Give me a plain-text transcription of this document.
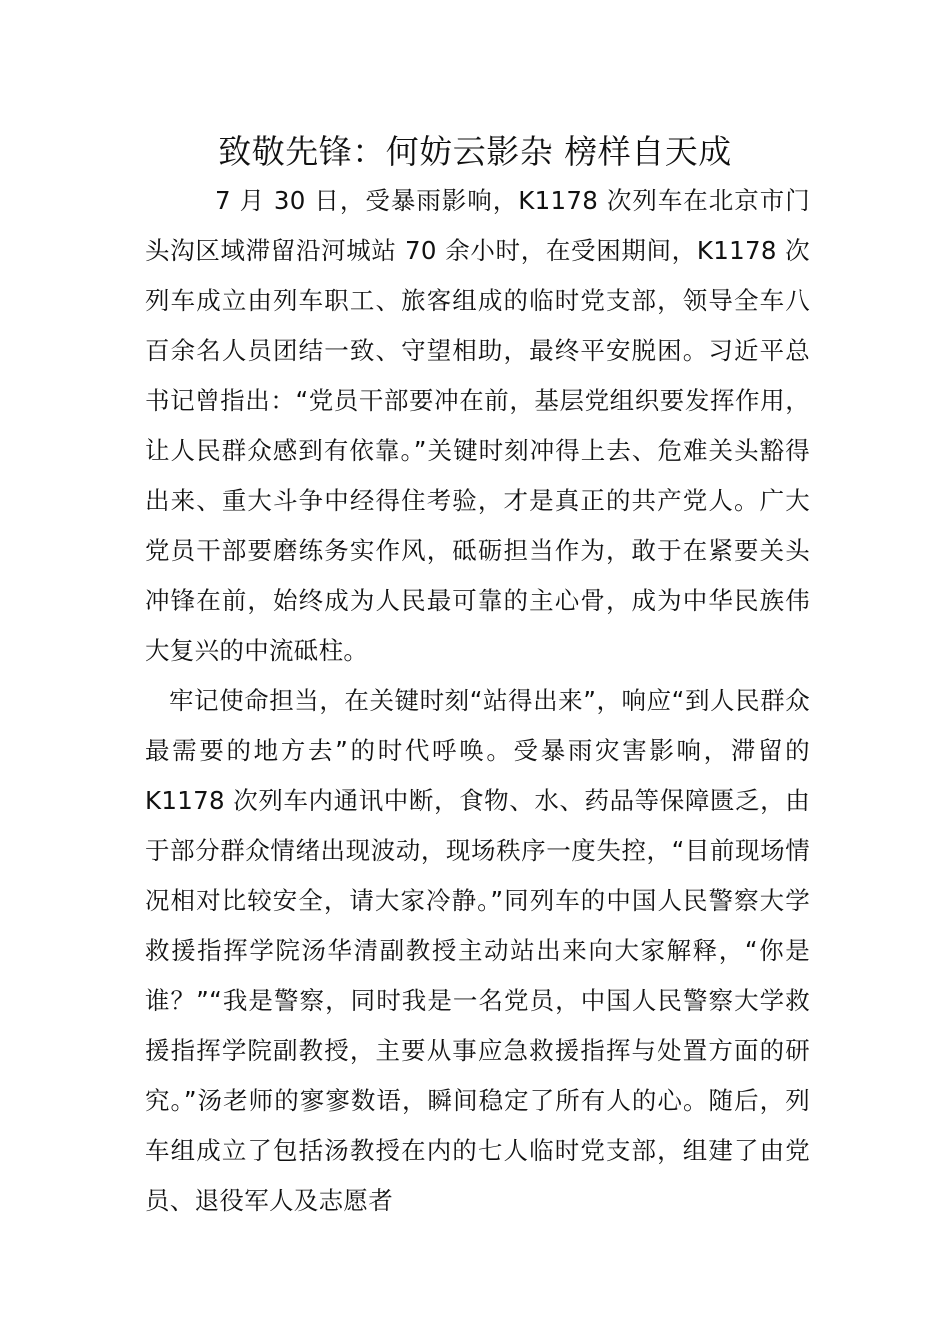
致敬先锋：何妨云影杂 榜样自天成

7 月 30 日，受暴雨影响，K1178 次列车在北京市门头沟区域滞留沿河城站 70 余小时，在受困期间，K1178 次列车成立由列车职工、旅客组成的临时党支部，领导全车八百余名人员团结一致、守望相助，最终平安脱困。习近平总书记曾指出：“党员干部要冲在前，基层党组织要发挥作用，让人民群众感到有依靠。”关键时刻冲得上去、危难关头豁得出来、重大斗争中经得住考验，才是真正的共产党人。广大党员干部要磨练务实作风，砥砺担当作为，敢于在紧要关头冲锋在前，始终成为人民最可靠的主心骨，成为中华民族伟大复兴的中流砥柱。

牢记使命担当，在关键时刻“站得出来”，响应“到人民群众最需要的地方去”的时代呼唤。受暴雨灾害影响，滞留的 K1178 次列车内通讯中断，食物、水、药品等保障匮乏，由于部分群众情绪出现波动，现场秩序一度失控，“目前现场情况相对比较安全，请大家冷静。”同列车的中国人民警察大学救援指挥学院汤华清副教授主动站出来向大家解释，“你是谁？”“我是警察，同时我是一名党员，中国人民警察大学救援指挥学院副教授，主要从事应急救援指挥与处置方面的研究。”汤老师的寥寥数语，瞬间稳定了所有人的心。随后，列车组成立了包括汤教授在内的七人临时党支部，组建了由党员、退役军人及志愿者
